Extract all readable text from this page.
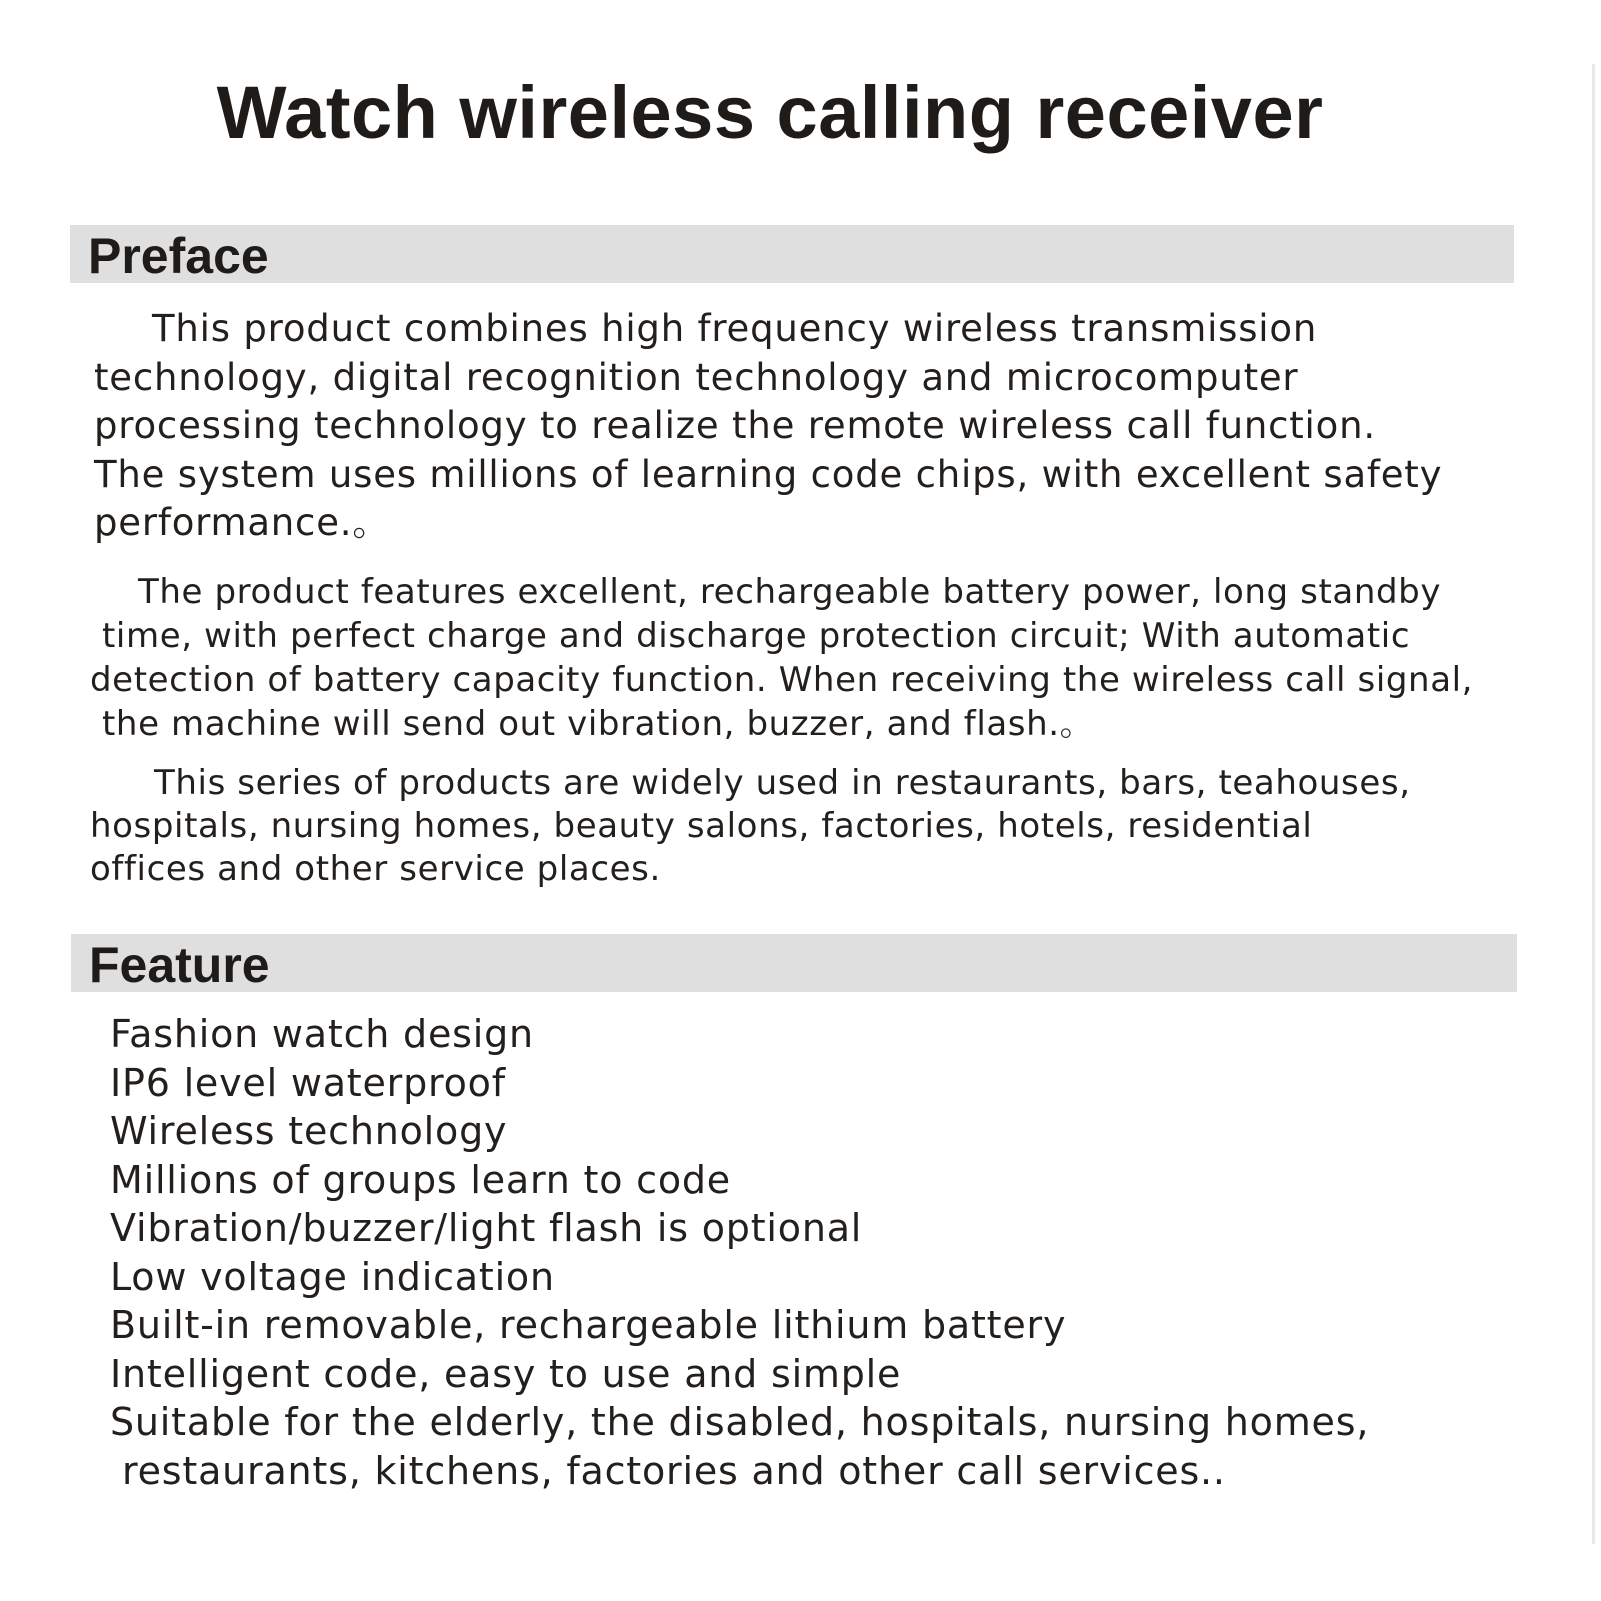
Watch wireless calling receiver
Preface

This product combines high frequency wireless transmission

technology, digital recognition technology and microcomputer

processing technology to realize the remote wireless call function.

The system uses millions of learning code chips, with excellent safety

performance.。

The product features excellent, rechargeable battery power, long standby

time, with perfect charge and discharge protection circuit; With automatic

detection of battery capacity function. When receiving the wireless call signal,

the machine will send out vibration, buzzer, and flash.。

This series of products are widely used in restaurants, bars, teahouses,

hospitals, nursing homes, beauty salons, factories, hotels, residential

offices and other service places.

Feature
Fashion watch design
IP6 level waterproof
Wireless technology
Millions of groups learn to code
Vibration/buzzer/light flash is optional
Low voltage indication
Built-in removable, rechargeable lithium battery
Intelligent code, easy to use and simple
Suitable for the elderly, the disabled, hospitals, nursing homes,
restaurants, kitchens, factories and other call services..
